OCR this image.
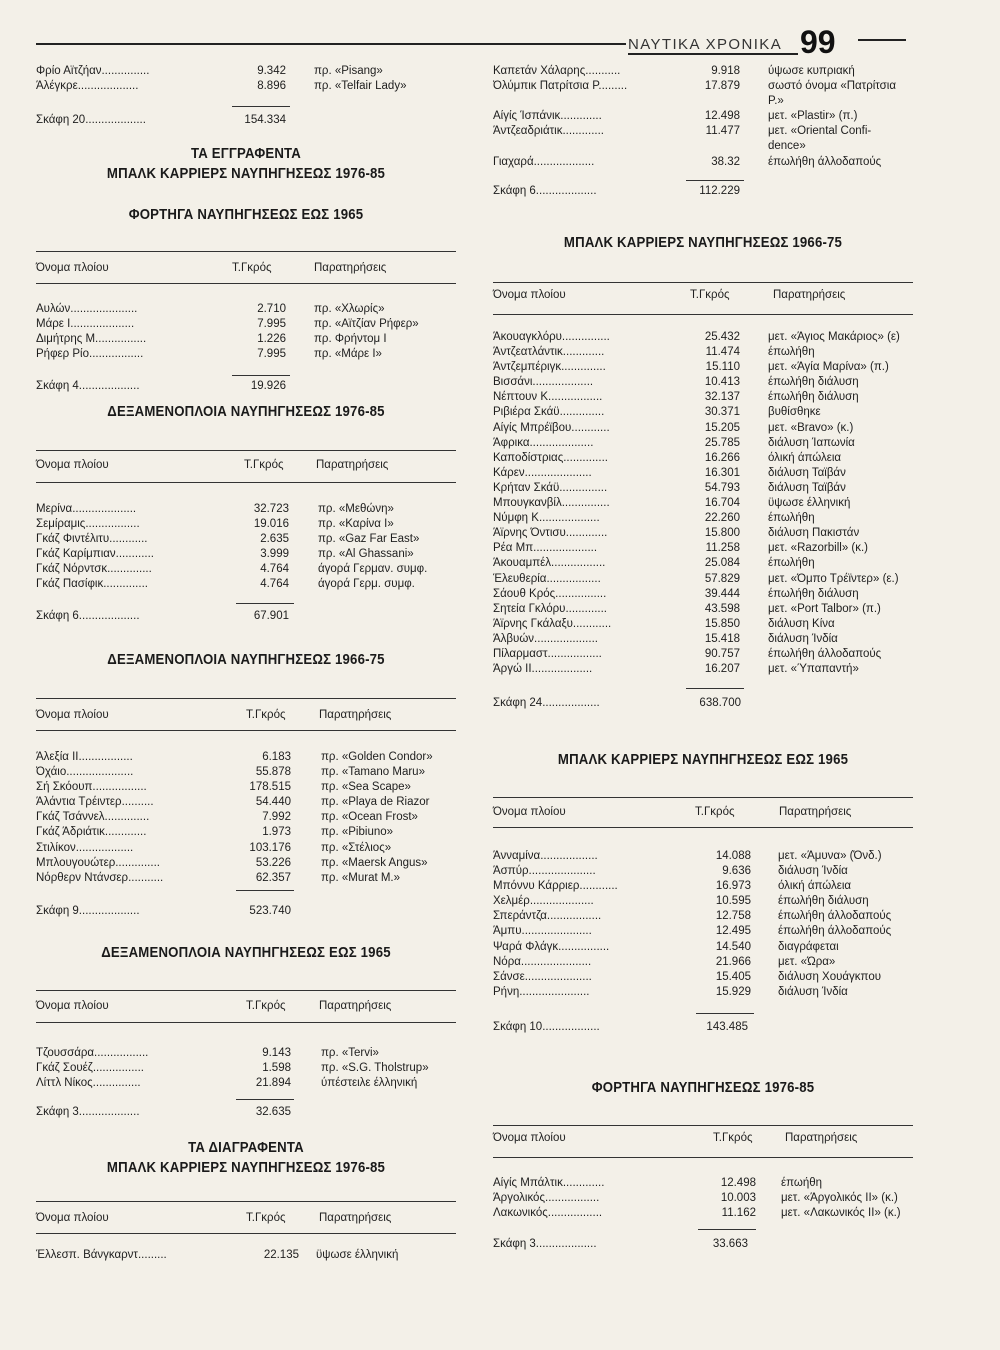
ΝΑΥΤΙΚΑ ΧΡΟΝΙΚΑ 99
Φρίο Αϊτζήαν...............	9.342 πρ. «Pisang»
Άλέγκρε...................	8.896 πρ. «Telfair Lady»
Σκάφη 20...................	154.334
ΤΑ ΕΓΓΡΑΦΕΝΤΑ
ΜΠΑΛΚ ΚΑΡΡΙΕΡΣ ΝΑΥΠΗΓΗΣΕΩΣ 1976-85
ΦΟΡΤΗΓΑ ΝΑΥΠΗΓΗΣΕΩΣ ΕΩΣ 1965
Όνομα πλοίου	Τ.Γκρός	Παρατηρήσεις
Αυλών.....................	2.710 πρ. «Χλωρίς»
Μάρε Ι....................	7.995 πρ. «Αϊτζίαν Ρήφερ»
Διμήτρης Μ................	1.226 πρ. Φρήντομ Ι
Ρήφερ Ρίο.................	7.995 πρ. «Μάρε Ι»
Σκάφη 4...................	19.926
ΔΕΞΑΜΕΝΟΠΛΟΙΑ ΝΑΥΠΗΓΗΣΕΩΣ 1976-85
Όνομα πλοίου	Τ.Γκρός	Παρατηρήσεις
Μερίνα....................	32.723	πρ. «Μεθώνη»
Σεμίραμις.................	19.016	πρ. «Καρίνα Ι»
Γκάζ Φιντέλιτυ............	2.635	πρ. «Gaz Far East»
Γκάζ Καρίμπιαν............	3.999	πρ. «Al Ghassani»
Γκάζ Νόρντσκ..............	4.764	άγορά Γερμαν. συμφ.
Γκάζ Πασίφικ..............	4.764	άγορά Γερμ. συμφ.
Σκάφη 6...................	67.901
ΔΕΞΑΜΕΝΟΠΛΟΙΑ ΝΑΥΠΗΓΗΣΕΩΣ 1966-75
Όνομα πλοίου	Τ.Γκρός	Παρατηρήσεις
Άλεξία ΙΙ.................	6.183	πρ. «Golden Condor»
Όχάιο.....................	55.878	πρ. «Tamano Maru»
Σή Σκόουπ.................	178.515	πρ. «Sea Scape»
Άλάντια Τρέιντερ..........	54.440	πρ. «Playa de Riazor
Γκάζ Τσάννελ..............	7.992	πρ. «Ocean Frost»
Γκάζ Άδριάτικ.............	1.973	πρ. «Pibiuno»
Στιλίκον..................	103.176	πρ. «Στέλιος»
Μπλουγουώτερ..............	53.226	πρ. «Maersk Angus»
Νόρθερν Ντάνσερ...........	62.357	πρ. «Murat M.»
Σκάφη 9...................	523.740
ΔΕΞΑΜΕΝΟΠΛΟΙΑ ΝΑΥΠΗΓΗΣΕΩΣ ΕΩΣ 1965
Όνομα πλοίου	Τ.Γκρός	Παρατηρήσεις
Τζουσσάρα.................	9.143	πρ. «Tervi»
Γκάζ Σουέζ................	1.598	πρ. «S.G. Tholstrup»
Λίττλ Νίκος...............	21.894	ύπέστειλε έλληνική
Σκάφη 3...................	32.635
ΤΑ ΔΙΑΓΡΑΦΕΝΤΑ
ΜΠΑΛΚ ΚΑΡΡΙΕΡΣ ΝΑΥΠΗΓΗΣΕΩΣ 1976-85
Όνομα πλοίου	Τ.Γκρός	Παρατηρήσεις
Έλλεσπ. Βάνγκαρντ.........	22.135 ϋψωσε έλληνική
Καπετάν Χάλαρης...........	9.918 ύψωσε κυπριακή
Όλύμπικ Πατρίτσια Ρ.........	17.879 σωστό όνομα «Πατρίτσια
Ρ.»
Αίγίς Ίσπάνικ.............	12.498 μετ. «Plastir» (π.)
Άντζεαδριάτικ.............	11.477 μετ. «Oriental Confi-
dence»
Γιαχαρά...................	38.32 έπωλήθη άλλοδαπούς
Σκάφη 6...................	112.229
ΜΠΑΛΚ ΚΑΡΡΙΕΡΣ ΝΑΥΠΗΓΗΣΕΩΣ 1966-75
Όνομα πλοίου	Τ.Γκρός	Παρατηρήσεις
Άκουαγκλόρυ...............	25.432 μετ. «Άγιος Μακάριος» (ε)
Άντζεατλάντικ.............	11.474 έπωλήθη
Άντζεμπέριγκ..............	15.110 μετ. «Άγία Μαρίνα» (π.)
Βισσάνι...................	10.413 έπωλήθη διάλυση
Νέπτουν Κ.................	32.137 έπωλήθη διάλυση
Ριβιέρα Σκάϋ..............	30.371 βυθίσθηκε
Αίγίς Μπρέϊβου............	15.205 μετ. «Bravo» (κ.)
Άφρικα....................	25.785 διάλυση Ίαπωνία
Καποδίστριας..............	16.266 όλική άπώλεια
Κάρεν.....................	16.301 διάλυση Ταϊβάν
Κρήταν Σκάϋ...............	54.793 διάλυση Ταϊβάν
Μπουγκανβίλ...............	16.704 ϋψωσε έλληνική
Νύμφη Κ...................	22.260 έπωλήθη
Άϊρνης Όντισυ.............	15.800 διάλυση Πακιστάν
Ρέα Μπ....................	11.258 μετ. «Razorbill» (κ.)
Άκουαμπέλ.................	25.084 έπωλήθη
Έλευθερία.................	57.829 μετ. «Όμπο Τρέϊντερ» (ε.)
Σάουθ Κρός................	39.444 έπωλήθη διάλυση
Σητεία Γκλόρυ.............	43.598 μετ. «Port Talbor» (π.)
Άϊρνης Γκάλαξυ............	15.850 διάλυση Κίνα
Άλβυών....................	15.418 διάλυση Ίνδία
Πίλαρμαστ.................	90.757 έπωλήθη άλλοδαπούς
Άργώ ΙΙ...................	16.207 μετ. «Ύπαπαντή»
Σκάφη 24..................	638.700
ΜΠΑΛΚ ΚΑΡΡΙΕΡΣ ΝΑΥΠΗΓΗΣΕΩΣ ΕΩΣ 1965
Όνομα πλοίου	Τ.Γκρός	Παρατηρήσεις
Άνναμίνα..................	14.088 μετ. «Άμυνα» (Όνδ.)
Άσπύρ.....................	9.636 διάλυση Ίνδία
Μπόννυ Κάρριερ............	16.973 όλική άπώλεια
Χελμέρ....................	10.595 έπωλήθη διάλυση
Σπεράντζα.................	12.758 έπωλήθη άλλοδαπούς
Άμπυ......................	12.495 έπωλήθη άλλοδαπούς
Ψαρά Φλάγκ................	14.540 διαγράφεται
Νόρα......................	21.966 μετ. «Ώρα»
Σάνσε.....................	15.405 διάλυση Χουάγκπου
Ρήνη......................	15.929 διάλυση Ίνδία
Σκάφη 10..................	143.485
ΦΟΡΤΗΓΑ ΝΑΥΠΗΓΗΣΕΩΣ 1976-85
Όνομα πλοίου	Τ.Γκρός	Παρατηρήσεις
Αίγίς Μπάλτικ.............	12.498 έπωήθη
Άργολικός.................	10.003 μετ. «Άργολικός ΙΙ» (κ.)
Λακωνικός.................	11.162 μετ. «Λακωνικός ΙΙ» (κ.)
Σκάφη 3...................	33.663
